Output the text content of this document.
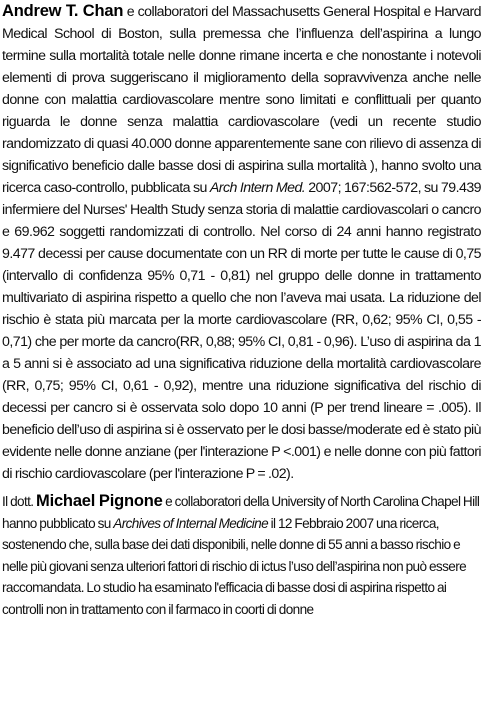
Andrew T. Chan e collaboratori del Massachusetts General Hospital e Harvard Medical School di Boston, sulla premessa che l’influenza dell’aspirina a lungo termine sulla mortalità totale nelle donne rimane incerta e che nonostante i notevoli elementi di prova suggeriscano il miglioramento della sopravvivenza anche nelle donne con malattia cardiovascolare mentre sono limitati e conflittuali per quanto riguarda le donne senza malattia cardiovascolare (vedi un recente studio randomizzato di quasi 40.000 donne apparentemente sane con rilievo di assenza di significativo beneficio dalle basse dosi di aspirina sulla mortalità ), hanno svolto una ricerca caso-controllo, pubblicata su Arch Intern Med. 2007; 167:562-572, su 79.439 infermiere del Nurses' Health Study senza storia di malattie cardiovascolari o cancro e 69.962 soggetti randomizzati di controllo. Nel corso di 24 anni hanno registrato 9.477 decessi per cause documentate con un RR di morte per tutte le cause di 0,75 (intervallo di confidenza 95% 0,71 - 0,81) nel gruppo delle donne in trattamento multivariato di aspirina rispetto a quello che non l’aveva mai usata. La riduzione del rischio è stata più marcata per la morte cardiovascolare (RR, 0,62; 95% CI, 0,55 - 0,71) che per morte da cancro(RR, 0,88; 95% CI, 0,81 - 0,96). L’uso di aspirina da 1 a 5 anni si è associato ad una significativa riduzione della mortalità cardiovascolare (RR, 0,75; 95% CI, 0,61 - 0,92), mentre una riduzione significativa del rischio di decessi per cancro si è osservata solo dopo 10 anni (P per trend lineare = .005). Il beneficio dell’uso di aspirina si è osservato per le dosi basse/moderate ed è stato più evidente nelle donne anziane (per l'interazione P <.001) e nelle donne con più fattori di rischio cardiovascolare (per l'interazione P = .02).

Il dott. Michael Pignone e collaboratori della University of North Carolina Chapel Hill hanno pubblicato su Archives of Internal Medicine il 12 Febbraio 2007 una ricerca, sostenendo che, sulla base dei dati disponibili, nelle donne di 55 anni a basso rischio e nelle più giovani senza ulteriori fattori di rischio di ictus l’uso dell’aspirina non può essere raccomandata. Lo studio ha esaminato l'efficacia di basse dosi di aspirina rispetto ai controlli non in trattamento con il farmaco in coorti di donne
